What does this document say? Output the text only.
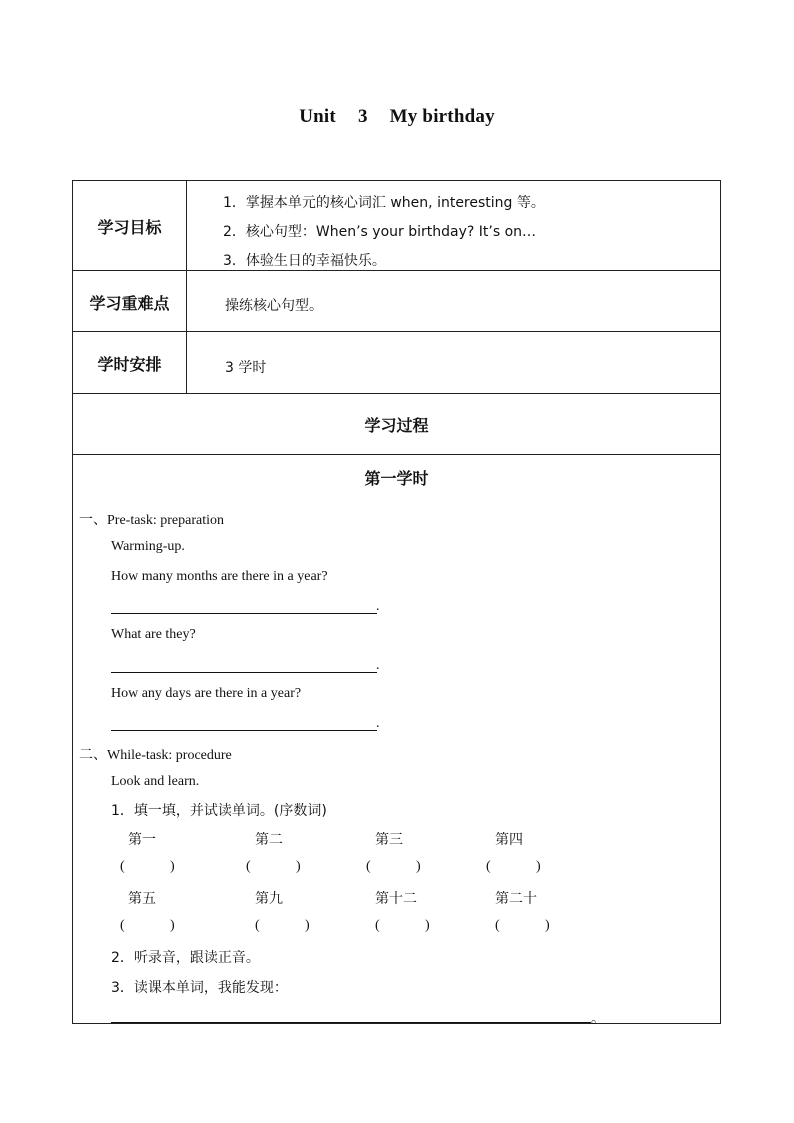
Unit 3 My birthday
学习目标
1．掌握本单元的核心词汇 when, interesting 等。
2．核心句型：When’s your birthday? It’s on…
3．体验生日的幸福快乐。
学习重难点	操练核心句型。
学时安排	3 学时
学习过程
第一学时
一、Pre-task: preparation
Warming-up.
How many months are there in a year?
.
What are they?
.
How any days are there in a year?
.
二、While-task: procedure
Look and learn.
1．填一填，并试读单词。(序数词)
第一	第二	第三	第四
(	)	(	)	(	)	(	)
第五	第九	第十二	第二十
(	)	(	)	(	)	(	)
2．听录音，跟读正音。
3．读课本单词，我能发现：
。
